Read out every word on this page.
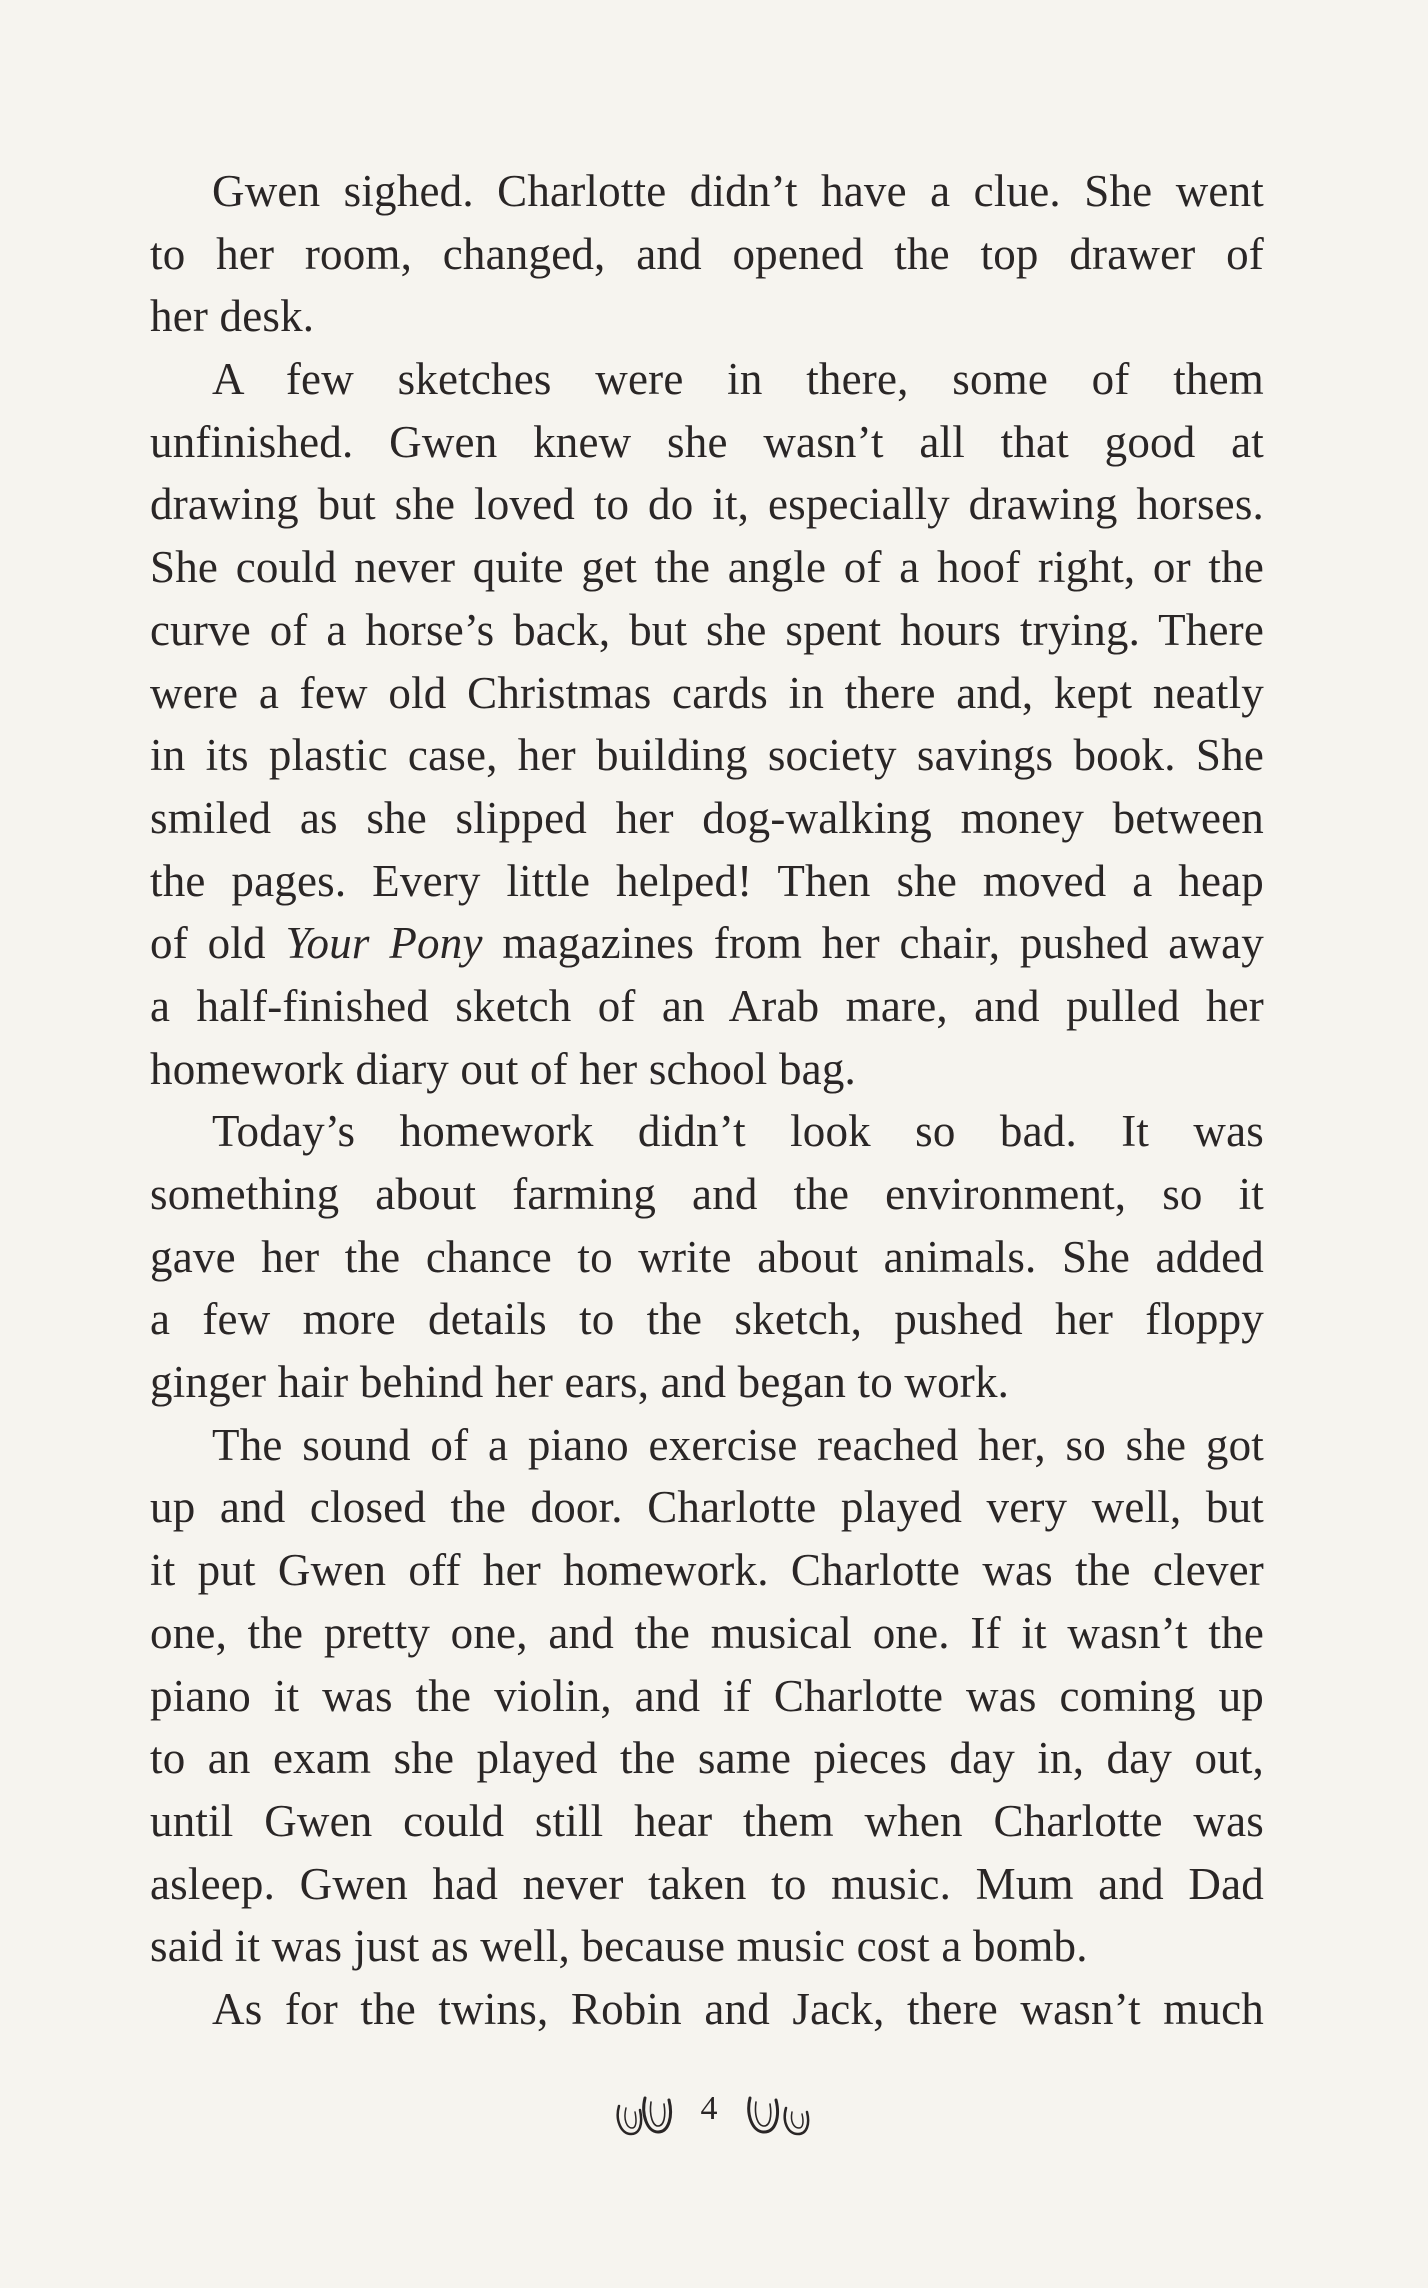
Gwen sighed. Charlotte didn’t have a clue. She went
to her room, changed, and opened the top drawer of
her desk.
A few sketches were in there, some of them
unfinished. Gwen knew she wasn’t all that good at
drawing but she loved to do it, especially drawing horses.
She could never quite get the angle of a hoof right, or the
curve of a horse’s back, but she spent hours trying. There
were a few old Christmas cards in there and, kept neatly
in its plastic case, her building society savings book. She
smiled as she slipped her dog-walking money between
the pages. Every little helped! Then she moved a heap
of old Your Pony magazines from her chair, pushed away
a half-finished sketch of an Arab mare, and pulled her
homework diary out of her school bag.
Today’s homework didn’t look so bad. It was
something about farming and the environment, so it
gave her the chance to write about animals. She added
a few more details to the sketch, pushed her floppy
ginger hair behind her ears, and began to work.
The sound of a piano exercise reached her, so she got
up and closed the door. Charlotte played very well, but
it put Gwen off her homework. Charlotte was the clever
one, the pretty one, and the musical one. If it wasn’t the
piano it was the violin, and if Charlotte was coming up
to an exam she played the same pieces day in, day out,
until Gwen could still hear them when Charlotte was
asleep. Gwen had never taken to music. Mum and Dad
said it was just as well, because music cost a bomb.
As for the twins, Robin and Jack, there wasn’t much
4
